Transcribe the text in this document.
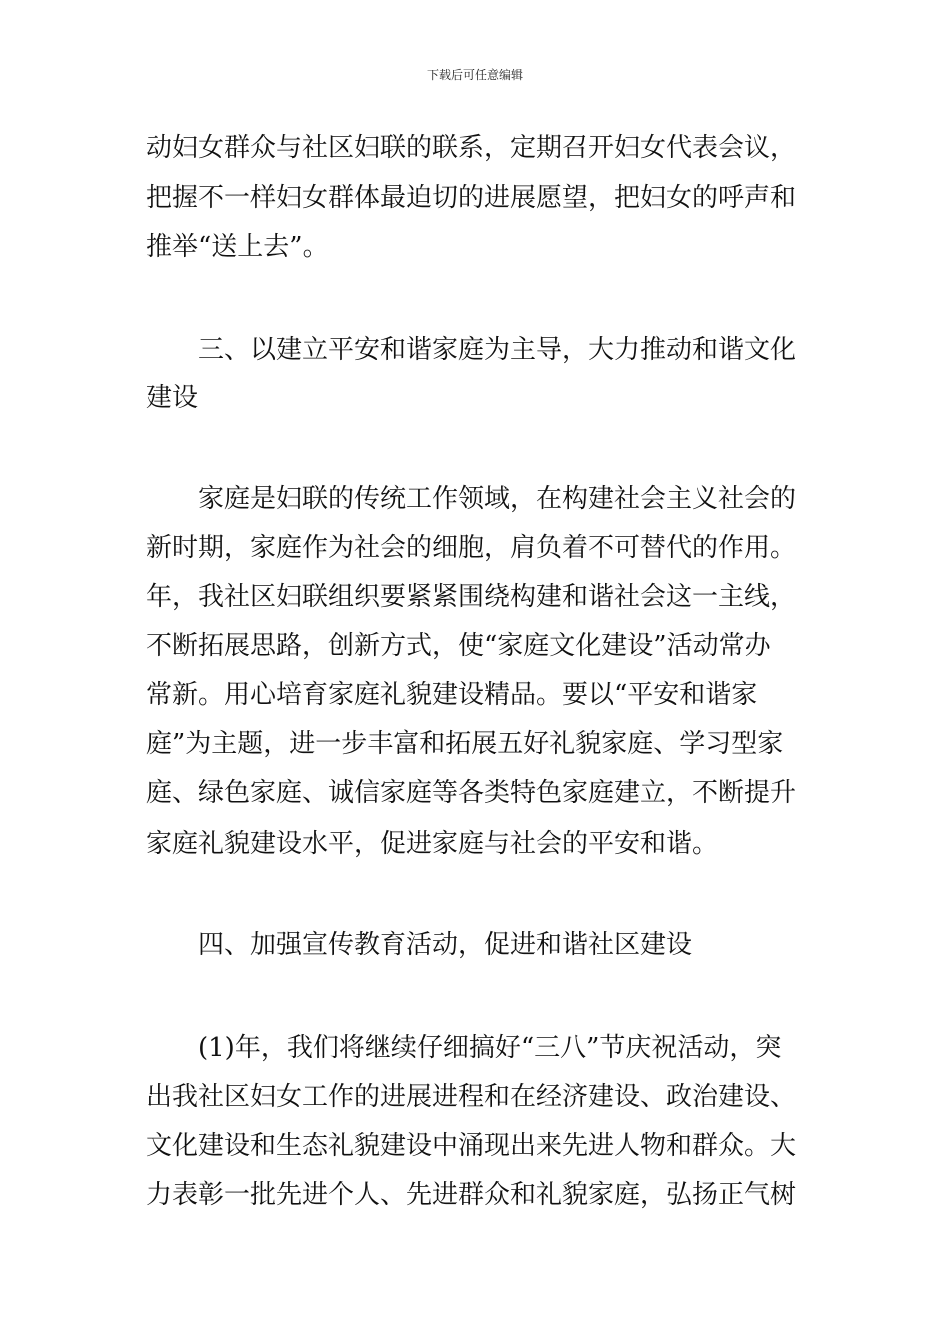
下载后可任意编辑
动妇女群众与社区妇联的联系，定期召开妇女代表会议，
把握不一样妇女群体最迫切的进展愿望，把妇女的呼声和
推举“送上去”。
三、以建立平安和谐家庭为主导，大力推动和谐文化
建设
家庭是妇联的传统工作领域，在构建社会主义社会的
新时期，家庭作为社会的细胞，肩负着不可替代的作用。
年，我社区妇联组织要紧紧围绕构建和谐社会这一主线，
不断拓展思路，创新方式，使“家庭文化建设”活动常办
常新。用心培育家庭礼貌建设精品。要以“平安和谐家
庭”为主题，进一步丰富和拓展五好礼貌家庭、学习型家
庭、绿色家庭、诚信家庭等各类特色家庭建立，不断提升
家庭礼貌建设水平，促进家庭与社会的平安和谐。
四、加强宣传教育活动，促进和谐社区建设
(1)年，我们将继续仔细搞好“三八”节庆祝活动，突
出我社区妇女工作的进展进程和在经济建设、政治建设、
文化建设和生态礼貌建设中涌现出来先进人物和群众。大
力表彰一批先进个人、先进群众和礼貌家庭，弘扬正气树
